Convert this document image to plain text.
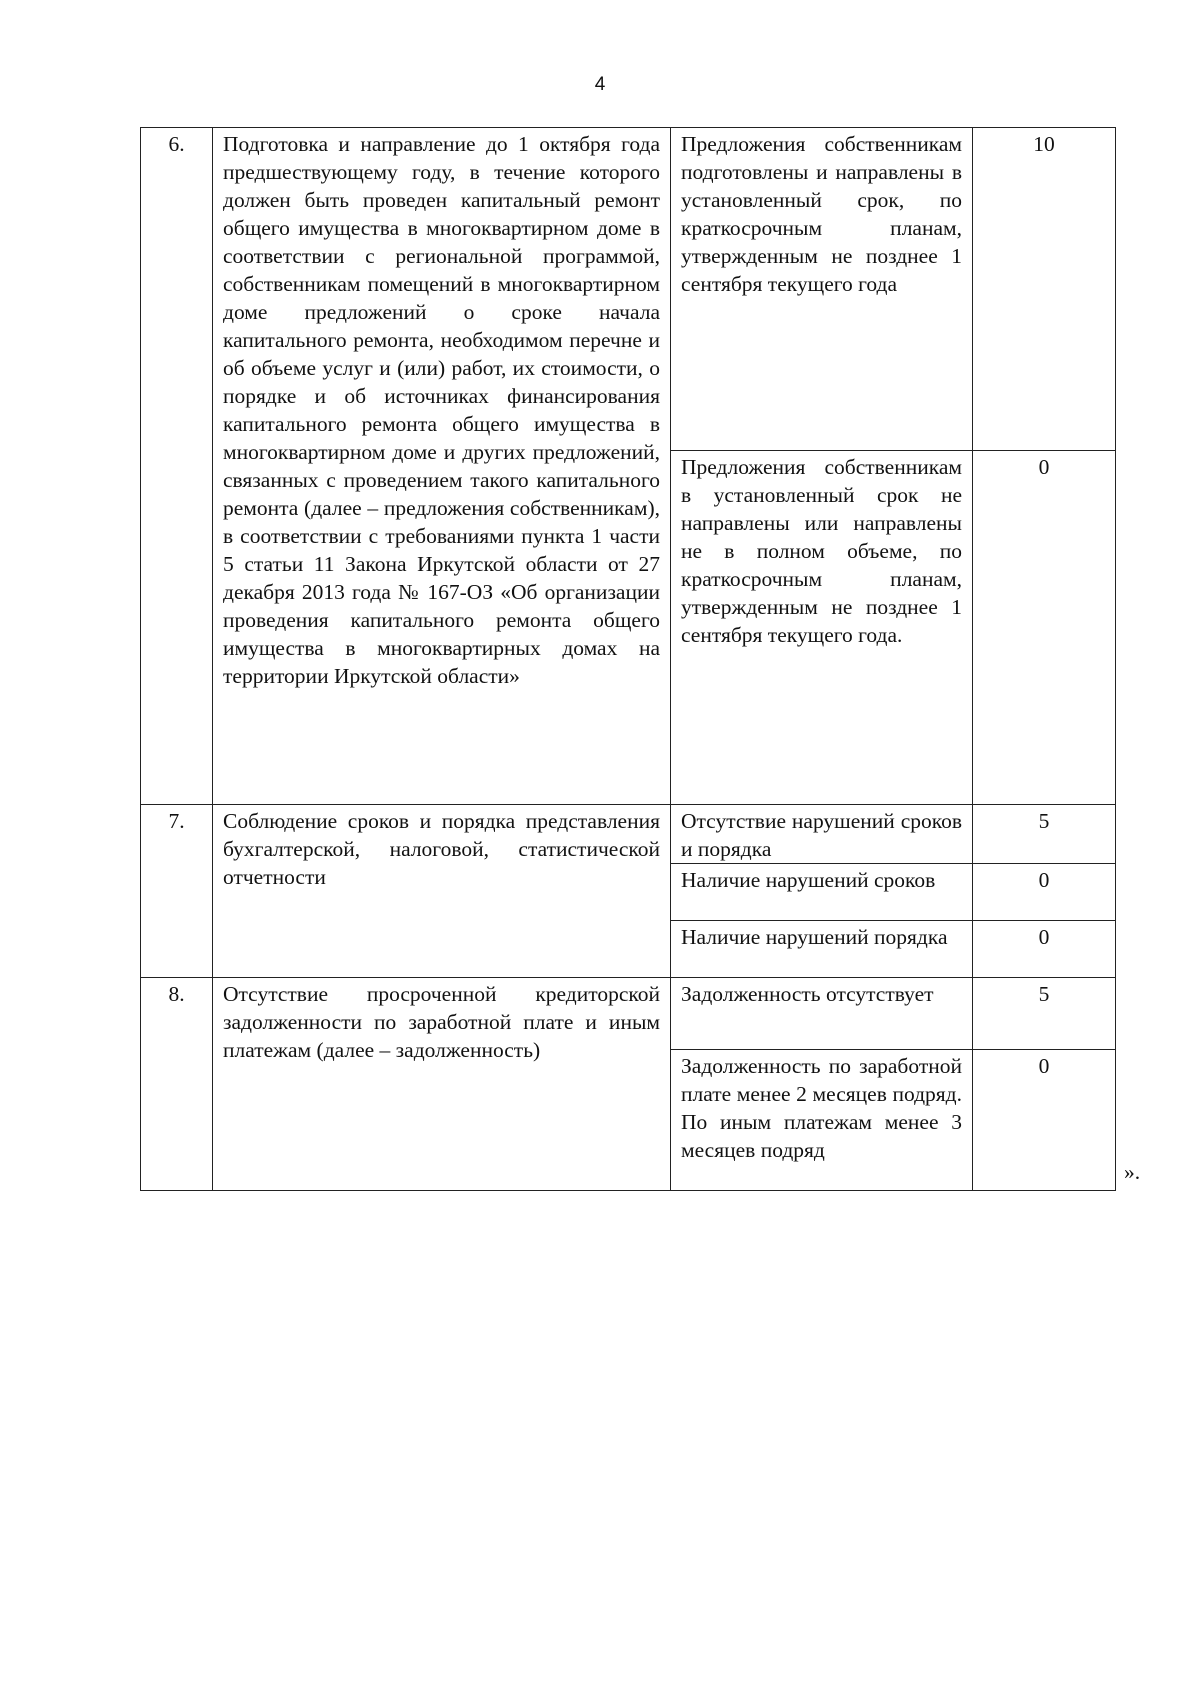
4
6.	Подготовка и направление до 1 октября года предшествующему году, в течение которого должен быть проведен капитальный ремонт общего имущества в многоквартирном доме в соответствии с региональной программой, собственникам помещений в многоквартирном доме предложений о сроке начала капитального ремонта, необходимом перечне и об объеме услуг и (или) работ, их стоимости, о порядке и об источниках финансирования капитального ремонта общего имущества в многоквартирном доме и других предложений, связанных с проведением такого капитального ремонта (далее – предложения собственникам), в соответствии с требованиями пункта 1 части 5 статьи 11 Закона Иркутской области от 27 декабря 2013 года № 167-ОЗ «Об организации проведения капитального ремонта общего имущества в многоквартирных домах на территории Иркутской области»	Предложения собственникам подготовлены и направлены в установленный срок, по краткосрочным планам, утвержденным не позднее 1 сентября текущего года	10
		Предложения собственникам в установленный срок не направлены или направлены не в полном объеме, по краткосрочным планам, утвержденным не позднее 1 сентября текущего года.	0
7.	Соблюдение сроков и порядка представления бухгалтерской, налоговой, статистической отчетности	Отсутствие нарушений сроков и порядка	5
		Наличие нарушений сроков	0
		Наличие нарушений порядка	0
8.	Отсутствие просроченной кредиторской задолженности по заработной плате и иным платежам (далее – задолженность)	Задолженность отсутствует	5
		Задолженность по заработной плате менее 2 месяцев подряд. По иным платежам менее 3 месяцев подряд	0
».
